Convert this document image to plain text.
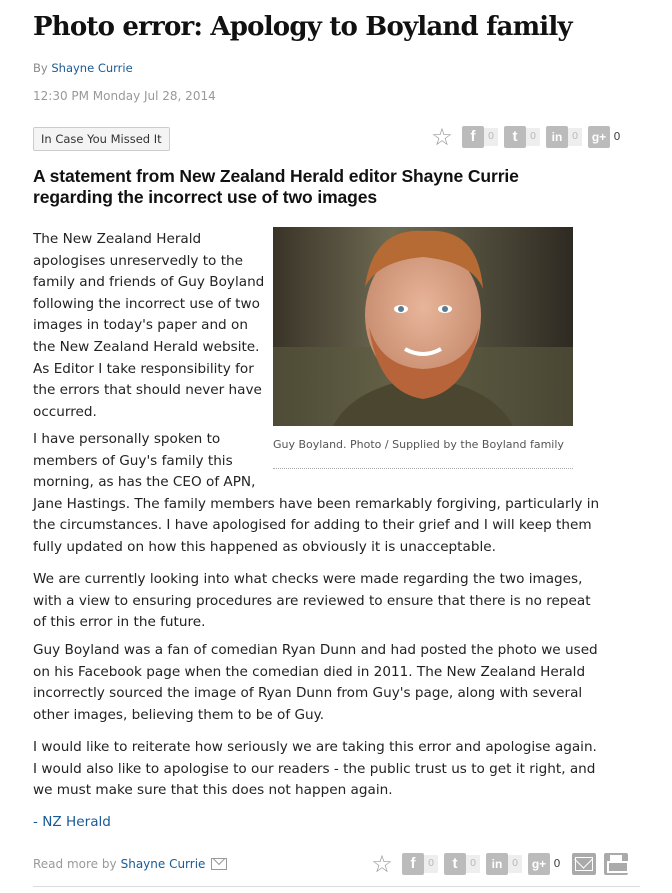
Photo error: Apology to Boyland family
By Shayne Currie
12:30 PM Monday Jul 28, 2014
In Case You Missed It	☆	f	0	t	0	in 0	g+ 0
A statement from New Zealand Herald editor Shayne Currie regarding the incorrect use of two images
Guy Boyland. Photo / Supplied by the Boyland family

The New Zealand Herald
apologises unreservedly to the
family and friends of Guy Boyland
following the incorrect use of two
images in today's paper and on
the New Zealand Herald website.
As Editor I take responsibility for
the errors that should never have
occurred.

I have personally spoken to
members of Guy's family this
morning, as has the CEO of APN,
Jane Hastings. The family members have been remarkably forgiving, particularly in
the circumstances. I have apologised for adding to their grief and I will keep them
fully updated on how this happened as obviously it is unacceptable.

We are currently looking into what checks were made regarding the two images,
with a view to ensuring procedures are reviewed to ensure that there is no repeat
of this error in the future.

Guy Boyland was a fan of comedian Ryan Dunn and had posted the photo we used
on his Facebook page when the comedian died in 2011. The New Zealand Herald
incorrectly sourced the image of Ryan Dunn from Guy's page, along with several
other images, believing them to be of Guy.

I would like to reiterate how seriously we are taking this error and apologise again.
I would also like to apologise to our readers - the public trust us to get it right, and
we must make sure that this does not happen again.

- NZ Herald
Read more by Shayne Currie	☆	f	0	t	0	in 0	g+ 0
